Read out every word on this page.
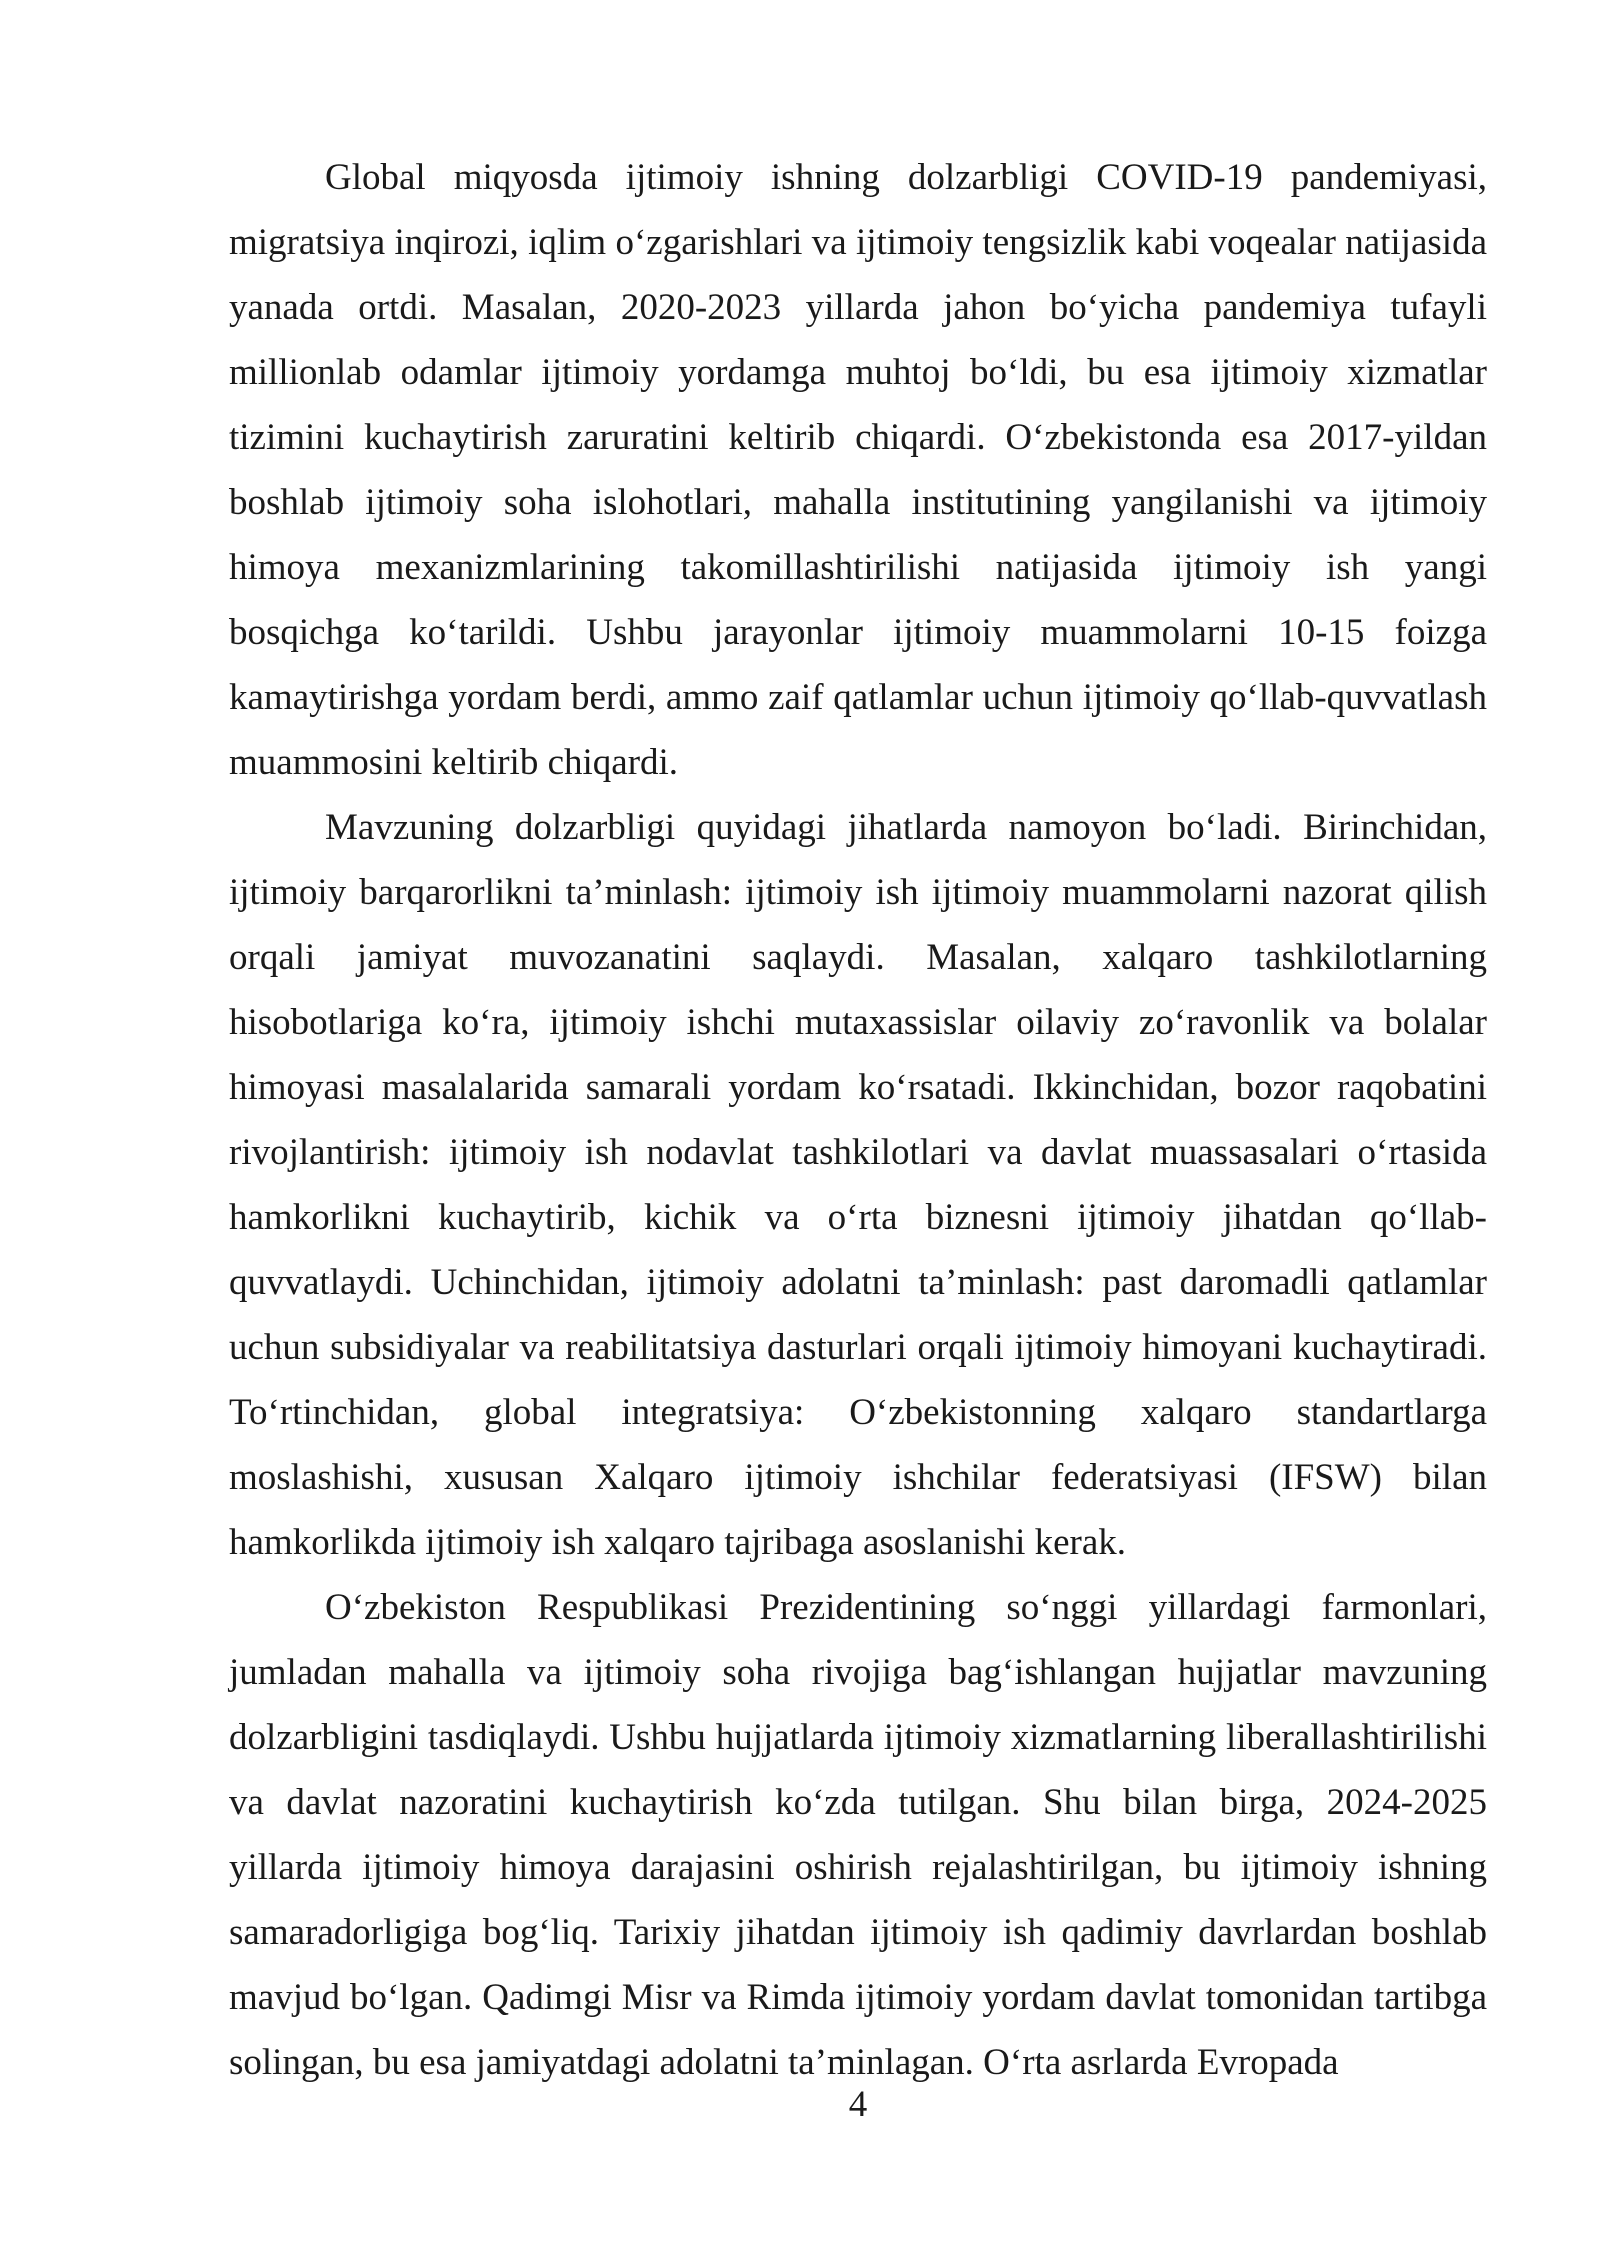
Global miqyosda ijtimoiy ishning dolzarbligi COVID-19 pandemiyasi, migratsiya inqirozi, iqlim oʻzgarishlari va ijtimoiy tengsizlik kabi voqealar natijasida yanada ortdi. Masalan, 2020-2023 yillarda jahon boʻyicha pandemiya tufayli millionlab odamlar ijtimoiy yordamga muhtoj boʻldi, bu esa ijtimoiy xizmatlar tizimini kuchaytirish zaruratini keltirib chiqardi. Oʻzbekistonda esa 2017-yildan boshlab ijtimoiy soha islohotlari, mahalla institutining yangilanishi va ijtimoiy himoya mexanizmlarining takomillashtirilishi natijasida ijtimoiy ish yangi bosqichga koʻtarildi. Ushbu jarayonlar ijtimoiy muammolarni 10-15 foizga kamaytirishga yordam berdi, ammo zaif qatlamlar uchun ijtimoiy qoʻllab-quvvatlash muammosini keltirib chiqardi.

Mavzuning dolzarbligi quyidagi jihatlarda namoyon boʻladi. Birinchidan, ijtimoiy barqarorlikni taʼminlash: ijtimoiy ish ijtimoiy muammolarni nazorat qilish orqali jamiyat muvozanatini saqlaydi. Masalan, xalqaro tashkilotlarning hisobotlariga koʻra, ijtimoiy ishchi mutaxassislar oilaviy zoʻravonlik va bolalar himoyasi masalalarida samarali yordam koʻrsatadi. Ikkinchidan, bozor raqobatini rivojlantirish: ijtimoiy ish nodavlat tashkilotlari va davlat muassasalari oʻrtasida hamkorlikni kuchaytirib, kichik va oʻrta biznesni ijtimoiy jihatdan qoʻllab-quvvatlaydi. Uchinchidan, ijtimoiy adolatni taʼminlash: past daromadli qatlamlar uchun subsidiyalar va reabilitatsiya dasturlari orqali ijtimoiy himoyani kuchaytiradi. Toʻrtinchidan, global integratsiya: Oʻzbekistonning xalqaro standartlarga moslashishi, xususan Xalqaro ijtimoiy ishchilar federatsiyasi (IFSW) bilan hamkorlikda ijtimoiy ish xalqaro tajribaga asoslanishi kerak.

Oʻzbekiston Respublikasi Prezidentining soʻnggi yillardagi farmonlari, jumladan mahalla va ijtimoiy soha rivojiga bagʻishlangan hujjatlar mavzuning dolzarbligini tasdiqlaydi. Ushbu hujjatlarda ijtimoiy xizmatlarning liberallashtirilishi va davlat nazoratini kuchaytirish koʻzda tutilgan. Shu bilan birga, 2024-2025 yillarda ijtimoiy himoya darajasini oshirish rejalashtirilgan, bu ijtimoiy ishning samaradorligiga bogʻliq. Tarixiy jihatdan ijtimoiy ish qadimiy davrlardan boshlab mavjud boʻlgan. Qadimgi Misr va Rimda ijtimoiy yordam davlat tomonidan tartibga solingan, bu esa jamiyatdagi adolatni taʼminlagan. Oʻrta asrlarda Evropada

4
